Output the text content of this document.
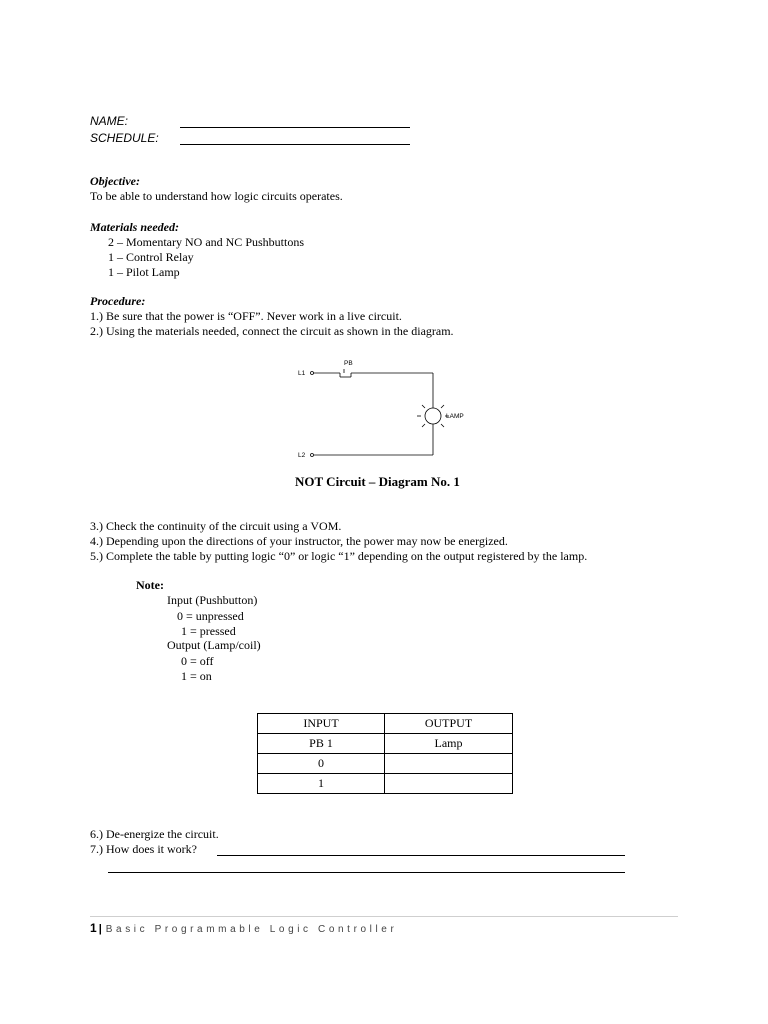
NAME:
SCHEDULE:
Objective:
To be able to understand how logic circuits operates.
Materials needed:
2 – Momentary NO and NC Pushbuttons
1 – Control Relay
1 – Pilot Lamp
Procedure:
1.) Be sure that the power is “OFF”. Never work in a live circuit.
2.) Using the materials needed, connect the circuit as shown in the diagram.
L1
PB
LAMP
L2
NOT Circuit – Diagram No. 1
3.) Check the continuity of the circuit using a VOM.
4.) Depending upon the directions of your instructor, the power may now be energized.
5.) Complete the table by putting logic “0” or logic “1” depending on the output registered by the lamp.
Note:
Input (Pushbutton)
0 = unpressed
1 = pressed
Output (Lamp/coil)
0 = off
1 = on
INPUT	OUTPUT
PB 1	Lamp
0	
1	
6.) De-energize the circuit.
7.) How does it work?
1 | Basic Programmable Logic Controller
